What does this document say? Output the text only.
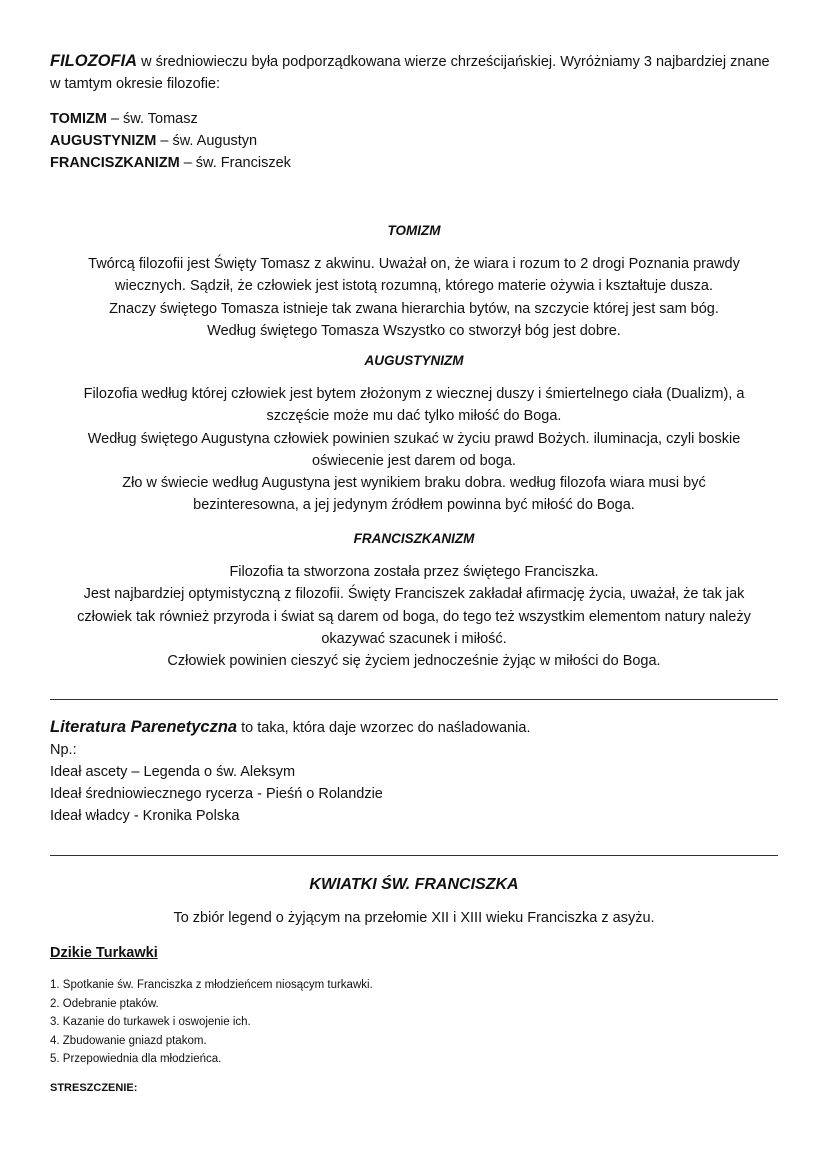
FILOZOFIA w średniowieczu była podporządkowana wierze chrześcijańskiej. Wyróżniamy 3 najbardziej znane w tamtym okresie filozofie:
TOMIZM – św. Tomasz
AUGUSTYNIZM – św. Augustyn
FRANCISZKANIZM – św. Franciszek
TOMIZM
Twórcą filozofii jest Święty Tomasz z akwinu. Uważał on, że wiara i rozum to 2 drogi Poznania prawdy
wiecznych. Sądził, że człowiek jest istotą rozumną, którego materie ożywia i kształtuje dusza.
Znaczy świętego Tomasza istnieje tak zwana hierarchia bytów, na szczycie której jest sam bóg.
Według świętego Tomasza Wszystko co stworzył bóg jest dobre.
AUGUSTYNIZM
Filozofia według której człowiek jest bytem złożonym z wiecznej duszy i śmiertelnego ciała (Dualizm), a
szczęście może mu dać tylko miłość do Boga.
Według świętego Augustyna człowiek powinien szukać w życiu prawd Bożych. iluminacja, czyli boskie
oświecenie jest darem od boga.
Zło w świecie według Augustyna jest wynikiem braku dobra. według filozofa wiara musi być
bezinteresowna, a jej jedynym źródłem powinna być miłość do Boga.
FRANCISZKANIZM
Filozofia ta stworzona została przez świętego Franciszka.
Jest najbardziej optymistyczną z filozofii. Święty Franciszek zakładał afirmację życia, uważał, że tak jak
człowiek tak również przyroda i świat są darem od boga, do tego też wszystkim elementom natury należy
okazywać szacunek i miłość.
Człowiek powinien cieszyć się życiem jednocześnie żyjąc w miłości do Boga.
Literatura Parenetyczna to taka, która daje wzorzec do naśladowania.
Np.:
Ideał ascety – Legenda o św. Aleksym
Ideał średniowiecznego rycerza - Pieśń o Rolandzie
Ideał władcy - Kronika Polska
KWIATKI ŚW. FRANCISZKA
To zbiór legend o żyjącym na przełomie XII i XIII wieku Franciszka z asyżu.
Dzikie Turkawki
1. Spotkanie św. Franciszka z młodzieńcem niosącym turkawki.
2. Odebranie ptaków.
3. Kazanie do turkawek i oswojenie ich.
4. Zbudowanie gniazd ptakom.
5. Przepowiednia dla młodzieńca.
STRESZCZENIE:
